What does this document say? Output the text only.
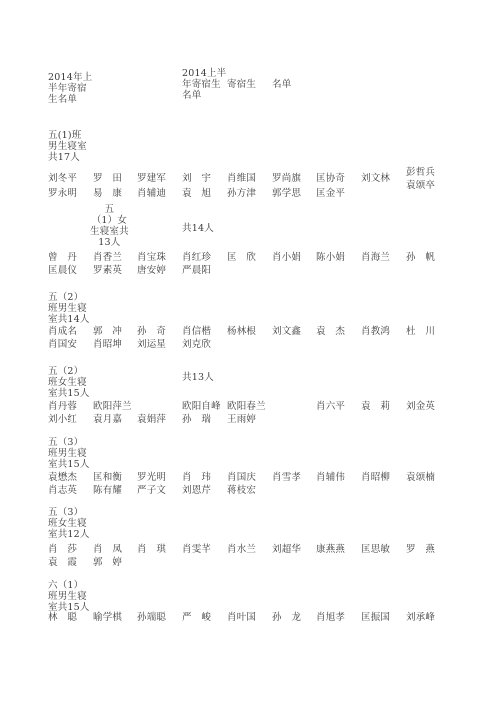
2014年上
半年寄宿
生名单
2014上半
年寄宿生
名单
寄宿生 名单
五(1)班
男生寝室
共17人
刘冬平 罗　田 罗建军 刘　宇 肖维国 罗尚旗 匡协奇 刘文林
彭哲兵
罗永明 易　康 肖辅迪 袁　旭 孙方津 郭学思 匡金平
袁颂卒
五
（1）女
生寝室共
13人
共14人
曾　丹 肖香兰 肖宝珠 肖红珍 匡　欣 肖小娟 陈小娟 肖海兰 孙　帆
匡晨仪 罗素英 唐安婷 严晨阳
五（2）
班男生寝
室共14人
肖成名 郭　冲 孙　奇 肖信楷 杨林根 刘文鑫 袁　杰 肖教鸿 杜　川
肖国安 肖昭坤 刘运星 刘克欣
五（2）
班女生寝
室共15人
共13人
肖丹蓉 欧阳萍兰	欧阳自峰 欧阳春兰	肖六平 袁　莉 刘金英
刘小红 袁月嘉 袁娟萍 孙　瑞 王雨婷
五（3）
班男生寝
室共15人
袁懋杰 匡和衡 罗光明 肖　玮 肖国庆 肖雪孝 肖辅伟 肖昭柳 袁颂楠
肖志英 陈有耀 严子文 刘恩芹 蒋枝宏
五（3）
班女生寝
室共12人
肖　莎 肖　凤 肖　琪 肖雯芊 肖水兰 刘超华 康燕燕 匡思敏 罗　燕
袁　霞 郭　婷
六（1）
班男生寝
室共15人
林　聪 喻学棋 孙端聪 严　峻 肖叶国 孙　龙 肖旭孝 匡振国 刘承峰
